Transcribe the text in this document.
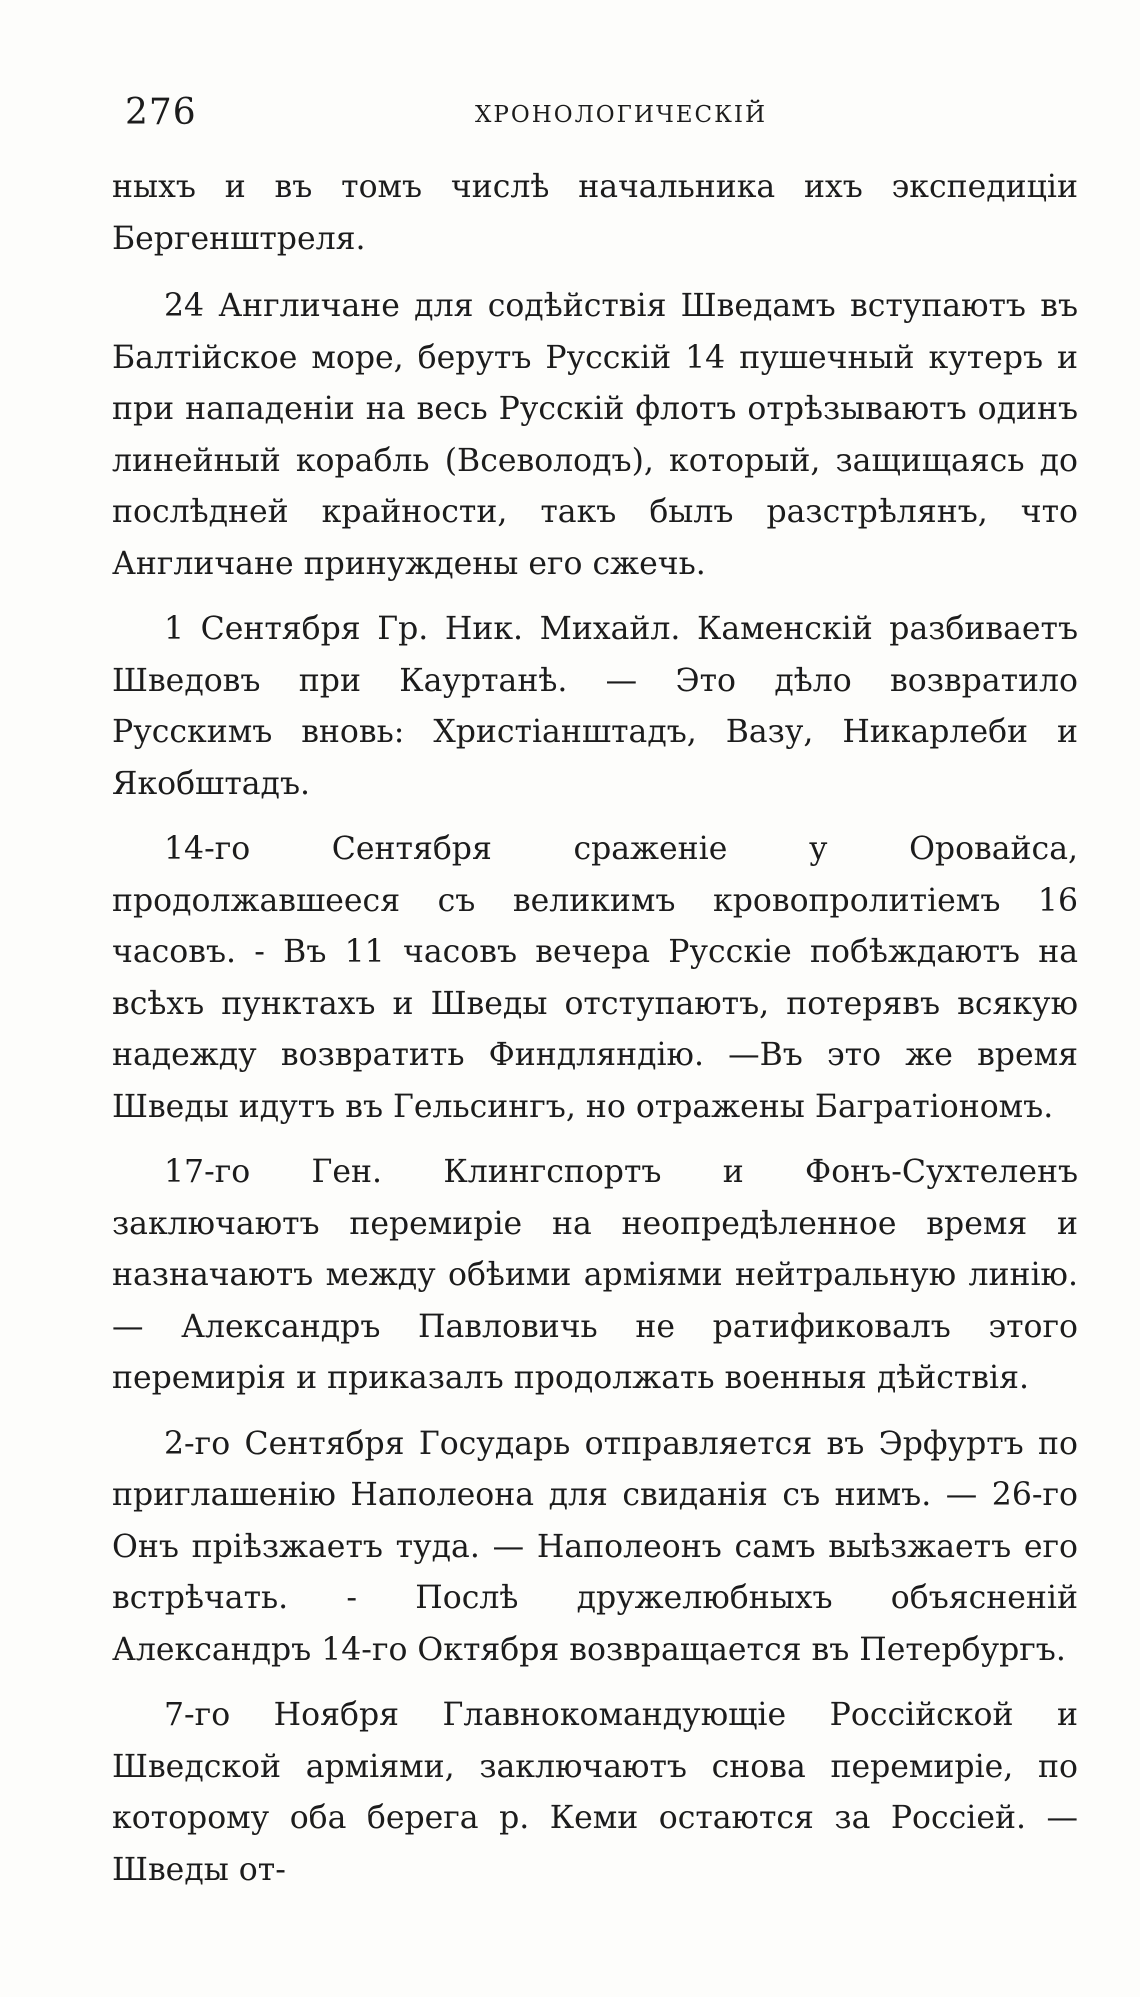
276	ХРОНОЛОГИЧЕСКІЙ

ныхъ и въ томъ числѣ начальника ихъ экспедиціи Бергенштреля.

24 Англичане для содѣйствія Шведамъ вступаютъ въ Балтійское море, берутъ Русскій 14 пушечный кутеръ и при нападеніи на весь Русскій флотъ отрѣзываютъ одинъ линейный корабль (Всеволодъ), который, защищаясь до послѣдней крайности, такъ былъ разстрѣлянъ, что Англичане принуждены его сжечь.

1 Сентября Гр. Ник. Михайл. Каменскій разбиваетъ Шведовъ при Кауртанѣ. — Это дѣло возвратило Русскимъ вновь: Христіанштадъ, Вазу, Никарлеби и Якобштадъ.

14-го Сентября сраженіе у Оровайса, продолжавшееся съ великимъ кровопролитіемъ 16 часовъ. - Въ 11 часовъ вечера Русскіе побѣждаютъ на всѣхъ пунктахъ и Шведы отступаютъ, потерявъ всякую надежду возвратить Финдляндію. —Въ это же время Шведы идутъ въ Гельсингъ, но отражены Багратіономъ.

17-го Ген. Клингспортъ и Фонъ-Сухтеленъ заключаютъ перемиріе на неопредѣленное время и назначаютъ между обѣими арміями нейтральную линію. — Александръ Павловичь не ратификовалъ этого перемирія и приказалъ продолжать военныя дѣйствія.

2-го Сентября Государь отправляется въ Эрфуртъ по приглашенію Наполеона для свиданія съ нимъ. — 26-го Онъ пріѣзжаетъ туда. — Наполеонъ самъ выѣзжаетъ его встрѣчать. - Послѣ дружелюбныхъ объясненій Александръ 14-го Октября возвращается въ Петербургъ.

7-го Ноября Главнокомандующіе Россійской и Шведской арміями, заключаютъ снова перемиріе, по которому оба берега р. Кеми остаются за Россіей. —Шведы от-
